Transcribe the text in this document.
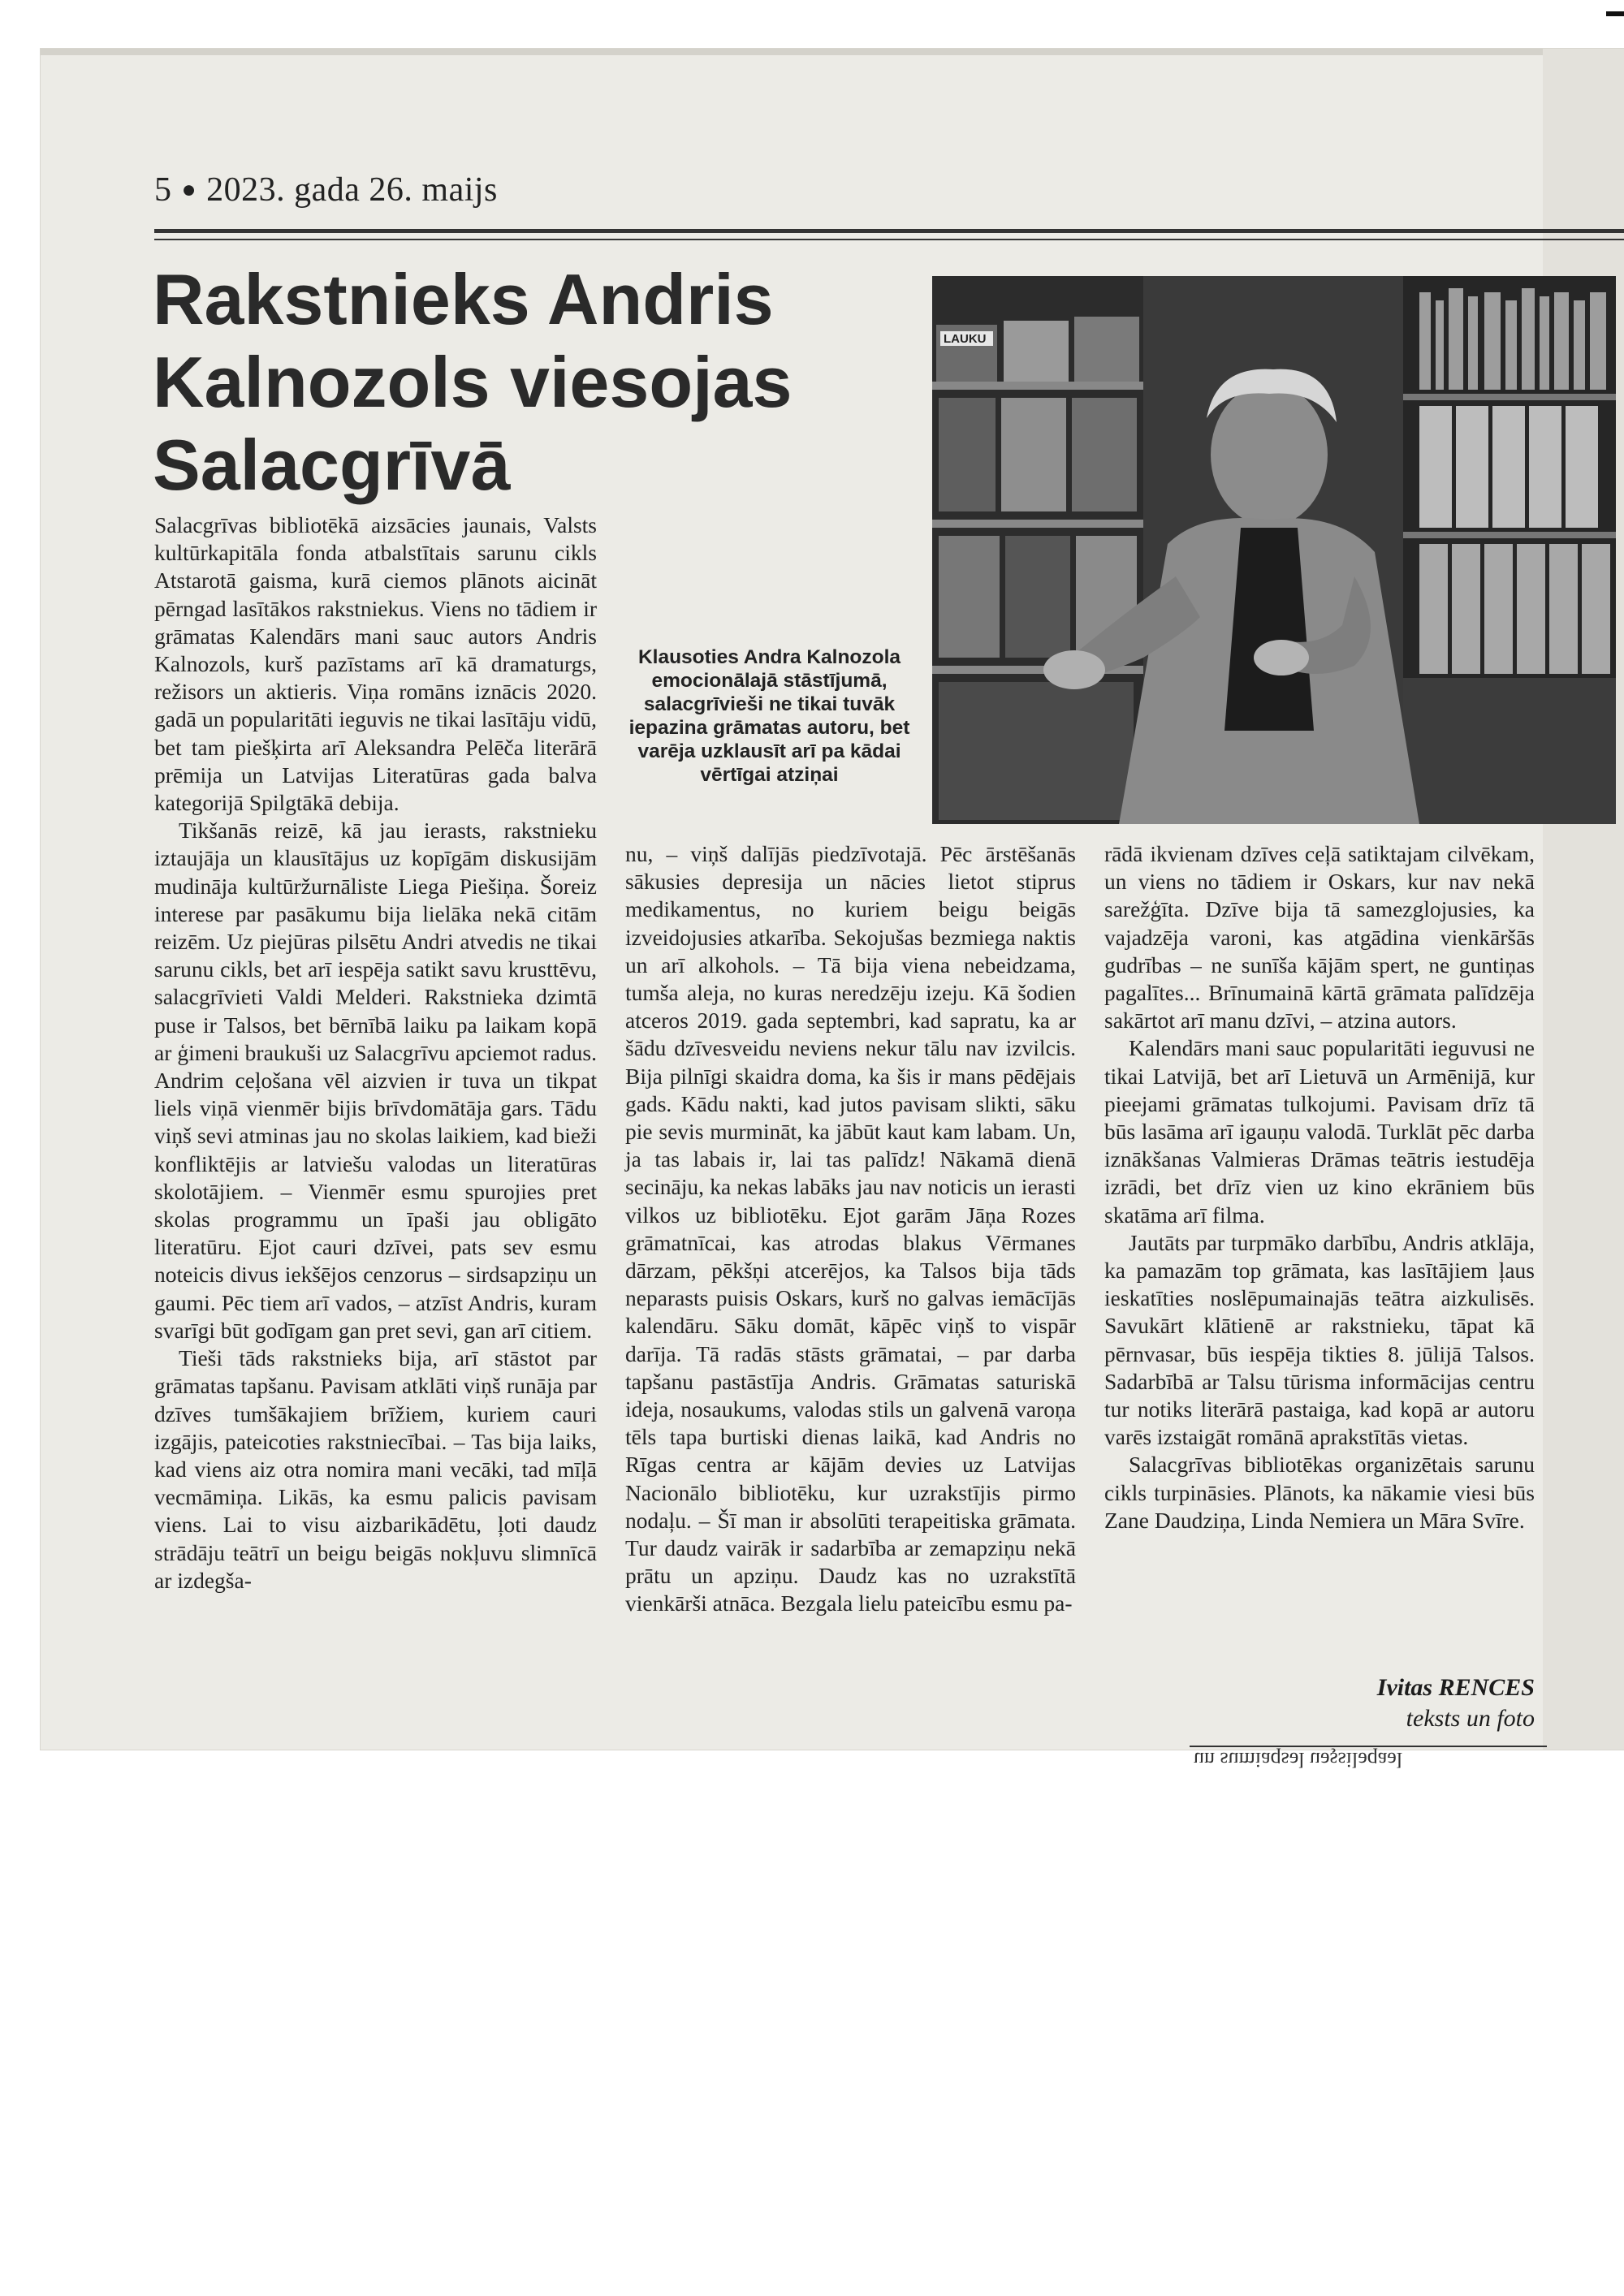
5 ● 2023. gada 26. maijs
Rakstnieks Andris Kalnozols viesojas Salacgrīvā
LAUKU

Klausoties Andra Kalnozola emocionālajā stāstījumā, salacgrīvieši ne tikai tuvāk iepazina grāmatas autoru, bet varēja uzklausīt arī pa kādai vērtīgai atziņai

Salacgrīvas bibliotēkā aizsācies jaunais, Valsts kultūrkapitāla fonda atbalstītais sarunu cikls Atstarotā gaisma, kurā ciemos plānots aicināt pērngad lasītākos rakstniekus. Viens no tādiem ir grāmatas Kalendārs mani sauc autors Andris Kalnozols, kurš pazīstams arī kā dramaturgs, režisors un aktieris. Viņa romāns iznācis 2020. gadā un popularitāti ieguvis ne tikai lasītāju vidū, bet tam piešķirta arī Aleksandra Pelēča literārā prēmija un Latvijas Literatūras gada balva kategorijā Spilgtākā debija.

Tikšanās reizē, kā jau ierasts, rakstnieku iztaujāja un klausītājus uz kopīgām diskusijām mudināja kultūržurnāliste Liega Piešiņa. Šoreiz interese par pasākumu bija lielāka nekā citām reizēm. Uz piejūras pilsētu Andri atvedis ne tikai sarunu cikls, bet arī iespēja satikt savu krusttēvu, salacgrīvieti Valdi Melderi. Rakstnieka dzimtā puse ir Talsos, bet bērnībā laiku pa laikam kopā ar ģimeni braukuši uz Salacgrīvu apciemot radus. Andrim ceļošana vēl aizvien ir tuva un tikpat liels viņā vienmēr bijis brīvdomātāja gars. Tādu viņš sevi atminas jau no skolas laikiem, kad bieži konfliktējis ar latviešu valodas un literatūras skolotājiem. – Vienmēr esmu spurojies pret skolas programmu un īpaši jau obligāto literatūru. Ejot cauri dzīvei, pats sev esmu noteicis divus iekšējos cenzorus – sirdsapziņu un gaumi. Pēc tiem arī vados, – atzīst Andris, kuram svarīgi būt godīgam gan pret sevi, gan arī citiem.

Tieši tāds rakstnieks bija, arī stāstot par grāmatas tapšanu. Pavisam atklāti viņš runāja par dzīves tumšākajiem brīžiem, kuriem cauri izgājis, pateicoties rakstniecībai. – Tas bija laiks, kad viens aiz otra nomira mani vecāki, tad mīļā vecmāmiņa. Likās, ka esmu palicis pavisam viens. Lai to visu aizbarikādētu, ļoti daudz strādāju teātrī un beigu beigās nokļuvu slimnīcā ar izdegša-

nu, – viņš dalījās piedzīvotajā. Pēc ārstēšanās sākusies depresija un nācies lietot stiprus medikamentus, no kuriem beigu beigās izveidojusies atkarība. Sekojušas bezmiega naktis un arī alkohols. – Tā bija viena nebeidzama, tumša aleja, no kuras neredzēju izeju. Kā šodien atceros 2019. gada septembri, kad sapratu, ka ar šādu dzīvesveidu neviens nekur tālu nav izvilcis. Bija pilnīgi skaidra doma, ka šis ir mans pēdējais gads. Kādu nakti, kad jutos pavisam slikti, sāku pie sevis murmināt, ka jābūt kaut kam labam. Un, ja tas labais ir, lai tas palīdz! Nākamā dienā secināju, ka nekas labāks jau nav noticis un ierasti vilkos uz bibliotēku. Ejot garām Jāņa Rozes grāmatnīcai, kas atrodas blakus Vērmanes dārzam, pēkšņi atcerējos, ka Talsos bija tāds neparasts puisis Oskars, kurš no galvas iemācījās kalendāru. Sāku domāt, kāpēc viņš to vispār darīja. Tā radās stāsts grāmatai, – par darba tapšanu pastāstīja Andris. Grāmatas saturiskā ideja, nosaukums, valodas stils un galvenā varoņa tēls tapa burtiski dienas laikā, kad Andris no Rīgas centra ar kājām devies uz Latvijas Nacionālo bibliotēku, kur uzrakstījis pirmo nodaļu. – Šī man ir absolūti terapeitiska grāmata. Tur daudz vairāk ir sadarbība ar zemapziņu nekā prātu un apziņu. Daudz kas no uzrakstītā vienkārši atnāca. Bezgala lielu pateicību esmu pa-

rādā ikvienam dzīves ceļā satiktajam cilvēkam, un viens no tādiem ir Oskars, kur nav nekā sarežģīta. Dzīve bija tā samezglojusies, ka vajadzēja varoni, kas atgādina vienkāršās gudrības – ne sunīša kājām spert, ne guntiņas pagalītes... Brīnumainā kārtā grāmata palīdzēja sakārtot arī manu dzīvi, – atzina autors.

Kalendārs mani sauc popularitāti ieguvusi ne tikai Latvijā, bet arī Lietuvā un Armēnijā, kur pieejami grāmatas tulkojumi. Pavisam drīz tā būs lasāma arī igauņu valodā. Turklāt pēc darba iznākšanas Valmieras Drāmas teātris iestudēja izrādi, bet drīz vien uz kino ekrāniem būs skatāma arī filma.

Jautāts par turpmāko darbību, Andris atklāja, ka pamazām top grāmata, kas lasītājiem ļaus ieskatīties noslēpumainajās teātra aizkulisēs. Savukārt klātienē ar rakstnieku, tāpat kā pērnvasar, būs iespēja tikties 8. jūlijā Talsos. Sadarbībā ar Talsu tūrisma informācijas centru tur notiks literārā pastaiga, kad kopā ar autoru varēs izstaigāt romānā aprakstītās vietas.

Salacgrīvas bibliotēkas organizētais sarunu cikls turpināsies. Plānots, ka nākamie viesi būs Zane Daudziņa, Linda Nemiera un Māra Svīre.

Ivitas RENCES
teksts un foto
un sumiaqsəl uəşsiləqaəl
